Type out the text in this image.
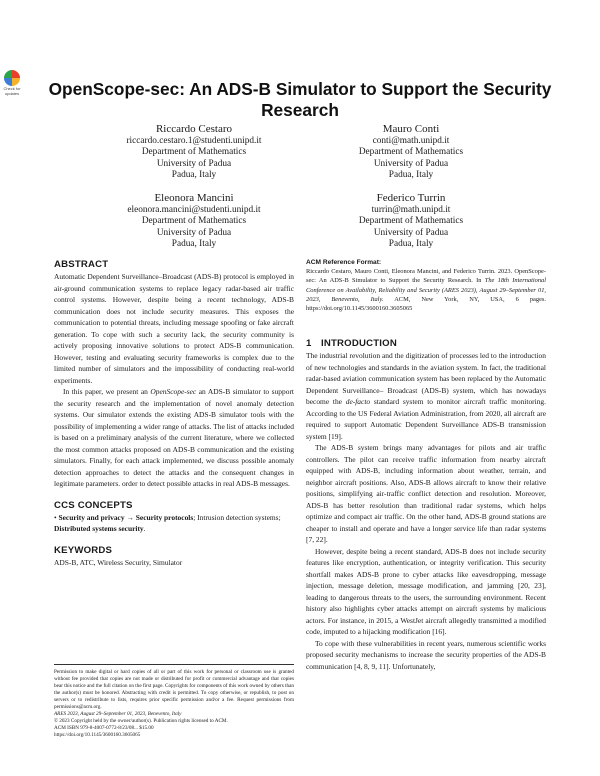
Check for updates	OpenScope-sec: An ADS-B Simulator to Support the Security Research
Riccardo Cestaro
riccardo.cestaro.1@studenti.unipd.it
Department of Mathematics
University of Padua
Padua, Italy
Mauro Conti
conti@math.unipd.it
Department of Mathematics
University of Padua
Padua, Italy
Eleonora Mancini
eleonora.mancini@studenti.unipd.it
Department of Mathematics
University of Padua
Padua, Italy
Federico Turrin
turrin@math.unipd.it
Department of Mathematics
University of Padua
Padua, Italy
ABSTRACT

Automatic Dependent Surveillance–Broadcast (ADS-B) protocol is employed in air-ground communication systems to replace legacy radar-based air traffic control systems. However, despite being a recent technology, ADS-B communication does not include security measures. This exposes the communication to potential threats, including message spoofing or fake aircraft generation. To cope with such a security lack, the security community is actively proposing innovative solutions to protect ADS-B communication. However, testing and evaluating security frameworks is complex due to the limited number of simulators and the impossibility of conducting real-world experiments.

In this paper, we present an OpenScope-sec an ADS-B simulator to support the security research and the implementation of novel anomaly detection systems. Our simulator extends the existing ADS-B simulator tools with the possibility of implementing a wider range of attacks. The list of attacks included is based on a preliminary analysis of the current literature, where we collected the most common attacks proposed on ADS-B communication and the existing simulators. Finally, for each attack implemented, we discuss possible anomaly detection approaches to detect the attacks and the consequent changes in legitimate parameters. order to detect possible attacks in real ADS-B messages.

CCS CONCEPTS

• Security and privacy → Security protocols; Intrusion detection systems; Distributed systems security.

KEYWORDS

ADS-B, ATC, Wireless Security, Simulator

Permission to make digital or hard copies of all or part of this work for personal or classroom use is granted without fee provided that copies are not made or distributed for profit or commercial advantage and that copies bear this notice and the full citation on the first page. Copyrights for components of this work owned by others than the author(s) must be honored. Abstracting with credit is permitted. To copy otherwise, or republish, to post on servers or to redistribute to lists, requires prior specific permission and/or a fee. Request permissions from permissions@acm.org.

ARES 2023, August 29–September 01, 2023, Benevento, Italy

© 2023 Copyright held by the owner/author(s). Publication rights licensed to ACM.

ACM ISBN 979-8-4007-0772-8/23/08... $15.00

https://doi.org/10.1145/3600160.3605065

ACM Reference Format:

Riccardo Cestaro, Mauro Conti, Eleonora Mancini, and Federico Turrin. 2023. OpenScope-sec: An ADS-B Simulator to Support the Security Research. In The 18th International Conference on Availability, Reliability and Security (ARES 2023), August 29–September 01, 2023, Benevento, Italy. ACM, New York, NY, USA, 6 pages. https://doi.org/10.1145/3600160.3605065

1 INTRODUCTION

The industrial revolution and the digitization of processes led to the introduction of new technologies and standards in the aviation system. In fact, the traditional radar-based aviation communication system has been replaced by the Automatic Dependent Surveillance– Broadcast (ADS-B) system, which has nowadays become the de-facto standard system to monitor aircraft traffic monitoring. According to the US Federal Aviation Administration, from 2020, all aircraft are required to support Automatic Dependent Surveillance ADS-B transmission system [19].

The ADS-B system brings many advantages for pilots and air traffic controllers. The pilot can receive traffic information from nearby aircraft equipped with ADS-B, including information about weather, terrain, and neighbor aircraft positions. Also, ADS-B allows aircraft to know their relative positions, simplifying air-traffic conflict detection and resolution. Moreover, ADS-B has better resolution than traditional radar systems, which helps optimize and compact air traffic. On the other hand, ADS-B ground stations are cheaper to install and operate and have a longer service life than radar systems [7, 22].

However, despite being a recent standard, ADS-B does not include security features like encryption, authentication, or integrity verification. This security shortfall makes ADS-B prone to cyber attacks like eavesdropping, message injection, message deletion, message modification, and jamming [20, 23], leading to dangerous threats to the users, the surrounding environment. Recent history also highlights cyber attacks attempt on aircraft systems by malicious actors. For instance, in 2015, a WestJet aircraft allegedly transmitted a modified code, imputed to a hijacking modification [16].

To cope with these vulnerabilities in recent years, numerous scientific works proposed security mechanisms to increase the security properties of the ADS-B communication [4, 8, 9, 11]. Unfortunately,
